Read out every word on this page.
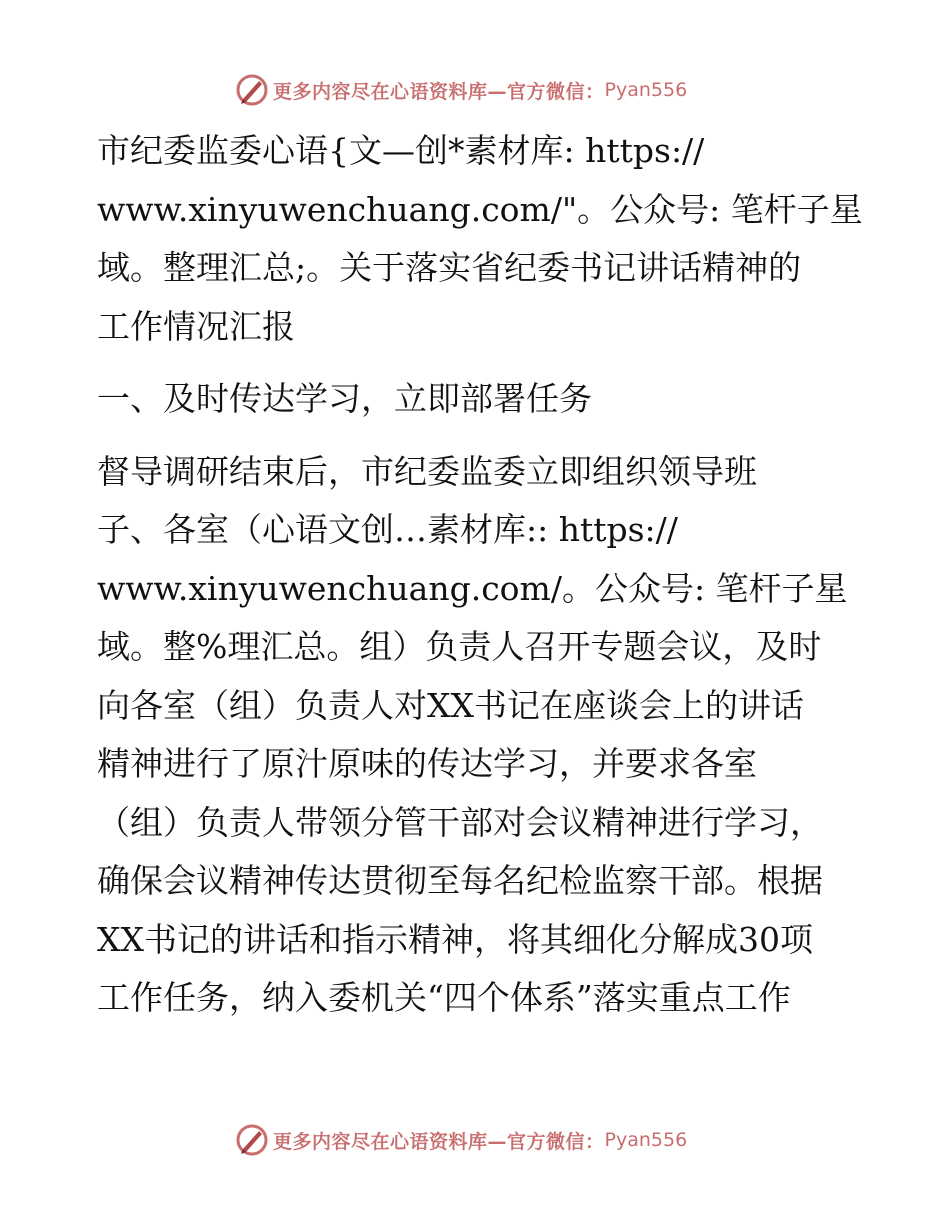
更多内容尽在心语资料库—官方微信： Pyan556

市纪委监委心语{文—创*素材库: https://
www.xinyuwenchuang.com/"。公众号: 笔杆子星
域。整理汇总;。关于落实省纪委书记讲话精神的
工作情况汇报

一、及时传达学习，立即部署任务

督导调研结束后，市纪委监委立即组织领导班
子、各室（心语文创…素材库:: https://
www.xinyuwenchuang.com/。公众号: 笔杆子星
域。整%理汇总。组）负责人召开专题会议，及时
向各室（组）负责人对XX书记在座谈会上的讲话
精神进行了原汁原味的传达学习，并要求各室
（组）负责人带领分管干部对会议精神进行学习，
确保会议精神传达贯彻至每名纪检监察干部。根据
XX书记的讲话和指示精神，将其细化分解成30项
工作任务，纳入委机关“四个体系”落实重点工作

更多内容尽在心语资料库—官方微信： Pyan556
